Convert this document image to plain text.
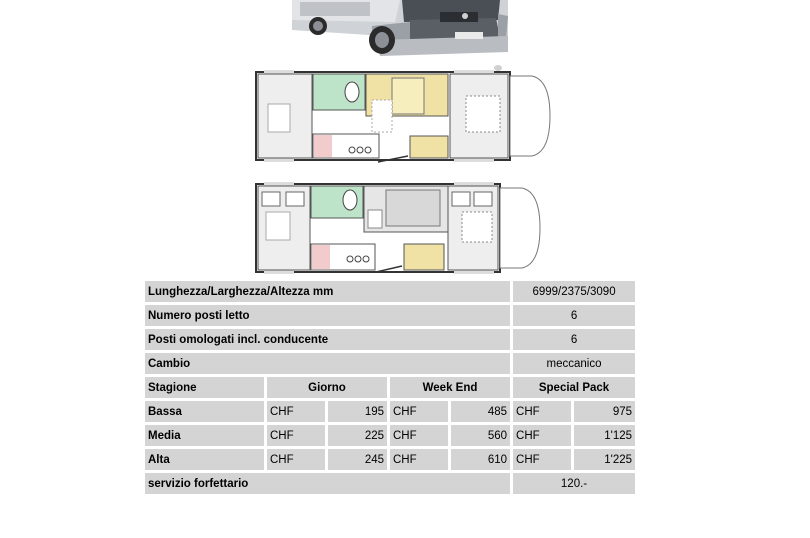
Lunghezza/Larghezza/Altezza mm					6999/2375/3090	
Numero posti letto					6	
Posti omologati incl. conducente					6	
Cambio					meccanico	
Stagione	Giorno		Week End		Special Pack	
Bassa	CHF	195	CHF	485	CHF	975
Media	CHF	225	CHF	560	CHF	1'125
Alta	CHF	245	CHF	610	CHF	1'225
servizio forfettario					120.-	
